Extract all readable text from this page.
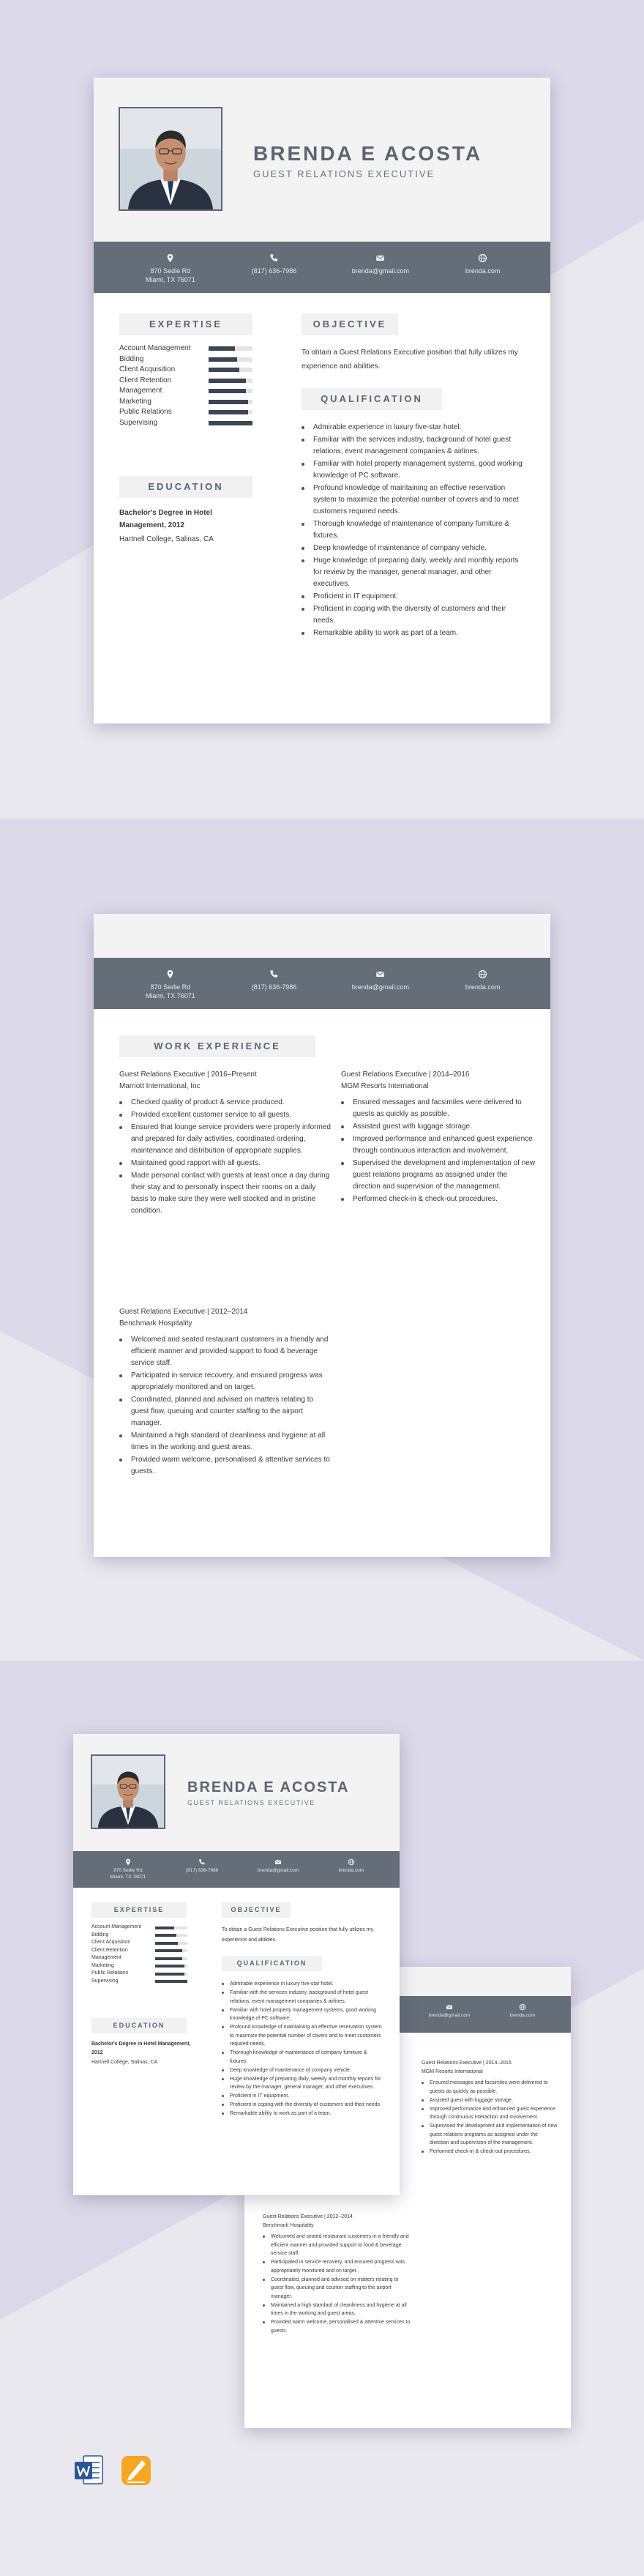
BRENDA E ACOSTA
GUEST RELATIONS EXECUTIVE
EXPERTISE	OBJECTIVE
To obtain a Guest Relations Executive position that fully utilizes my experience and abilities.
QUALIFICATION
Account Management
Bidding
Client Acquisition
Client Retention
Management
Marketing
Public Relations
Supervising
EDUCATION
Bachelor's Degree in Hotel Management, 2012
Hartnell College, Salinas, CA
Admirable experience in luxury five-star hotel.
Familiar with the services industry, background of hotel guest relations, event management companies & airlines.
Familiar with hotel property management systems, good working knowledge of PC software.
Profound knowledge of maintaining an effective reservation system to maximize the potential number of covers and to meet customers required needs.
Thorough knowledge of maintenance of company furniture & fixtures.
Deep knowledge of maintenance of company vehicle.
Huge knowledge of preparing daily, weekly and monthly reports for review by the manager, general manager, and other executives.
Proficient in IT equipment.
Proficient in coping with the diversity of customers and their needs.
Remarkable ability to work as part of a team.
870 Sedie Rd
Miami, TX 76071
(817) 636-7986	brenda@gmail.com	brenda.com
WORK EXPERIENCE
870 Sedie Rd
Miami, TX 76071
(817) 636-7986	brenda@gmail.com	brenda.com
Guest Relations Executive | 2016–Present
Marriott International, Inc
Checked quality of product & service produced.
Provided excellent customer service to all guests.
Ensured that lounge service providers were properly informed and prepared for daily activities, coordinated ordering, maintenance and distribution of appropriate supplies.
Maintained good rapport with all guests.
Made personal contact with guests at least once a day during their stay and to personally inspect their rooms on a daily basis to make sure they were well stocked and in pristine condition.
Guest Relations Executive | 2014–2016
MGM Resorts International
Ensured messages and facsimiles were delivered to guests as quickly as possible.
Assisted guest with luggage storage.
Improved performance and enhanced guest experience through continuous interaction and involvement.
Supervised the development and implementation of new guest relations programs as assigned under the direction and supervision of the management.
Performed check-in & check-out procedures.
Guest Relations Executive | 2012–2014
Benchmark Hospitality
Welcomed and seated restaurant customers in a friendly and efficient manner and provided support to food & beverage service staff.
Participated in service recovery, and ensured progress was appropriately monitored and on target.
Coordinated, planned and advised on matters relating to guest flow, queuing and counter staffing to the airport manager.
Maintained a high standard of cleanliness and hygiene at all times in the working and guest areas.
Provided warm welcome, personalised & attentive services to guests.
brenda@gmail.com	brenda.com
Guest Relations Executive | 2014–2016
MGM Resorts International
Ensured messages and facsimiles were delivered to guests as quickly as possible.
Assisted guest with luggage storage.
Improved performance and enhanced guest experience through continuous interaction and involvement.
Supervised the development and implementation of new guest relations programs as assigned under the direction and supervision of the management.
Performed check-in & check-out procedures.
Guest Relations Executive | 2012–2014
Benchmark Hospitality
Welcomed and seated restaurant customers in a friendly and efficient manner and provided support to food & beverage service staff.
Participated in service recovery, and ensured progress was appropriately monitored and on target.
Coordinated, planned and advised on matters relating to guest flow, queuing and counter staffing to the airport manager.
Maintained a high standard of cleanliness and hygiene at all times in the working and guest areas.
Provided warm welcome, personalised & attentive services to guests.
BRENDA E ACOSTA
GUEST RELATIONS EXECUTIVE
EXPERTISE	OBJECTIVE
To obtain a Guest Relations Executive position that fully utilizes my experience and abilities.
QUALIFICATION
Account Management
Bidding
Client Acquisition
Client Retention
Management
Marketing
Public Relations
Supervising
EDUCATION
Bachelor's Degree in Hotel Management, 2012
Hartnell College, Salinas, CA
Admirable experience in luxury five-star hotel.
Familiar with the services industry, background of hotel guest relations, event management companies & airlines.
Familiar with hotel property management systems, good working knowledge of PC software.
Profound knowledge of maintaining an effective reservation system to maximize the potential number of covers and to meet customers required needs.
Thorough knowledge of maintenance of company furniture & fixtures.
Deep knowledge of maintenance of company vehicle.
Huge knowledge of preparing daily, weekly and monthly reports for review by the manager, general manager, and other executives.
Proficient in IT equipment.
Proficient in coping with the diversity of customers and their needs.
Remarkable ability to work as part of a team.
870 Sedie Rd
Miami, TX 76071
(817) 636-7986	brenda@gmail.com	brenda.com
